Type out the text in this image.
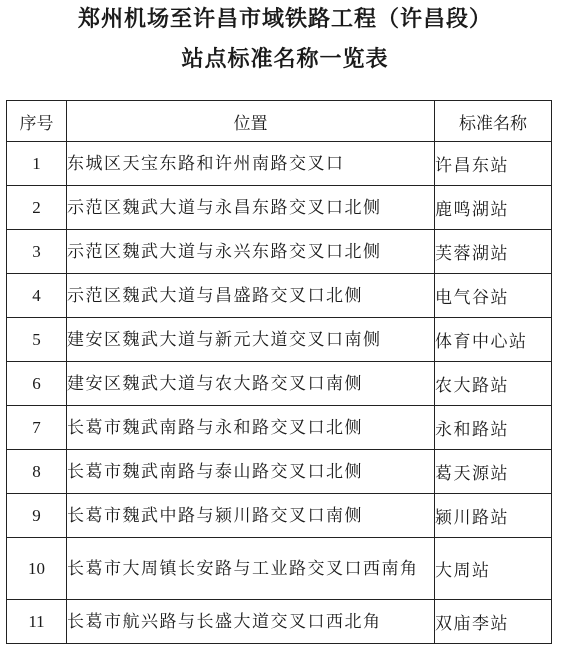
郑州机场至许昌市域铁路工程（许昌段）
站点标准名称一览表
序号	位置	标准名称
1	东城区天宝东路和许州南路交叉口	许昌东站
2	示范区魏武大道与永昌东路交叉口北侧	鹿鸣湖站
3	示范区魏武大道与永兴东路交叉口北侧	芙蓉湖站
4	示范区魏武大道与昌盛路交叉口北侧	电气谷站
5	建安区魏武大道与新元大道交叉口南侧	体育中心站
6	建安区魏武大道与农大路交叉口南侧	农大路站
7	长葛市魏武南路与永和路交叉口北侧	永和路站
8	长葛市魏武南路与泰山路交叉口北侧	葛天源站
9	长葛市魏武中路与颍川路交叉口南侧	颍川路站
10	长葛市大周镇长安路与工业路交叉口西南角	大周站
11	长葛市航兴路与长盛大道交叉口西北角	双庙李站
